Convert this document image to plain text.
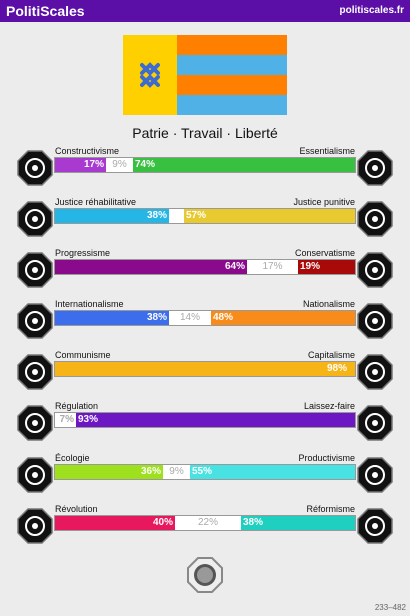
PolitiScales	politiscales.fr
Patrie · Travail · Liberté
Constructivisme	Essentialisme
17% 9% 74%
Justice réhabilitative	Justice punitive
38% 57%
Progressisme	Conservatisme
64%	17%	19%
Internationalisme	Nationalisme
38%	14%	48%
Communisme	Capitalisme
98%
Régulation	Laissez-faire
7% 93%
Écologie	Productivisme
36% 9% 55%
Révolution	Réformisme
40%	22%	38%
233–482
